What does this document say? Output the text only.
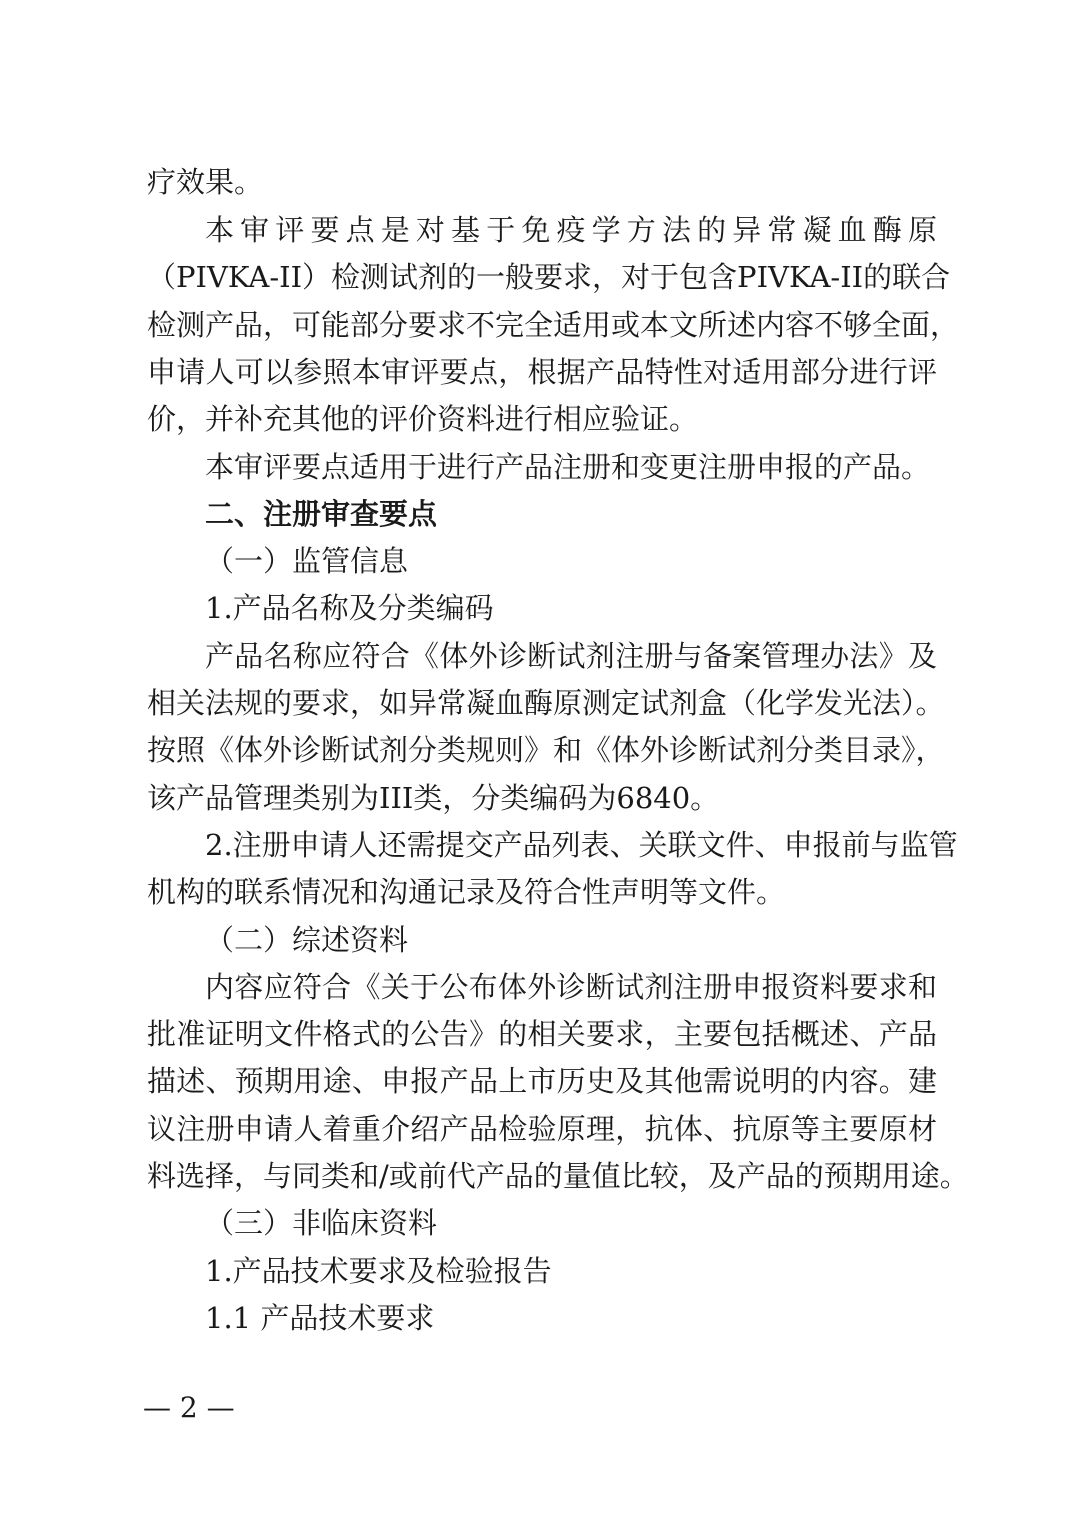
疗效果。
本审评要点是对基于免疫学方法的异常凝血酶原
（PIVKA-II）检测试剂的一般要求，对于包含PIVKA-II的联合
检测产品，可能部分要求不完全适用或本文所述内容不够全面，
申请人可以参照本审评要点，根据产品特性对适用部分进行评
价，并补充其他的评价资料进行相应验证。
本审评要点适用于进行产品注册和变更注册申报的产品。
二、注册审查要点
（一）监管信息
1.产品名称及分类编码
产品名称应符合《体外诊断试剂注册与备案管理办法》及
相关法规的要求，如异常凝血酶原测定试剂盒（化学发光法）。
按照《体外诊断试剂分类规则》和《体外诊断试剂分类目录》，
该产品管理类别为III类，分类编码为6840。
2.注册申请人还需提交产品列表、关联文件、申报前与监管
机构的联系情况和沟通记录及符合性声明等文件。
（二）综述资料
内容应符合《关于公布体外诊断试剂注册申报资料要求和
批准证明文件格式的公告》的相关要求，主要包括概述、产品
描述、预期用途、申报产品上市历史及其他需说明的内容。建
议注册申请人着重介绍产品检验原理，抗体、抗原等主要原材
料选择，与同类和/或前代产品的量值比较，及产品的预期用途。
（三）非临床资料
1.产品技术要求及检验报告
1.1 产品技术要求
— 2 —
